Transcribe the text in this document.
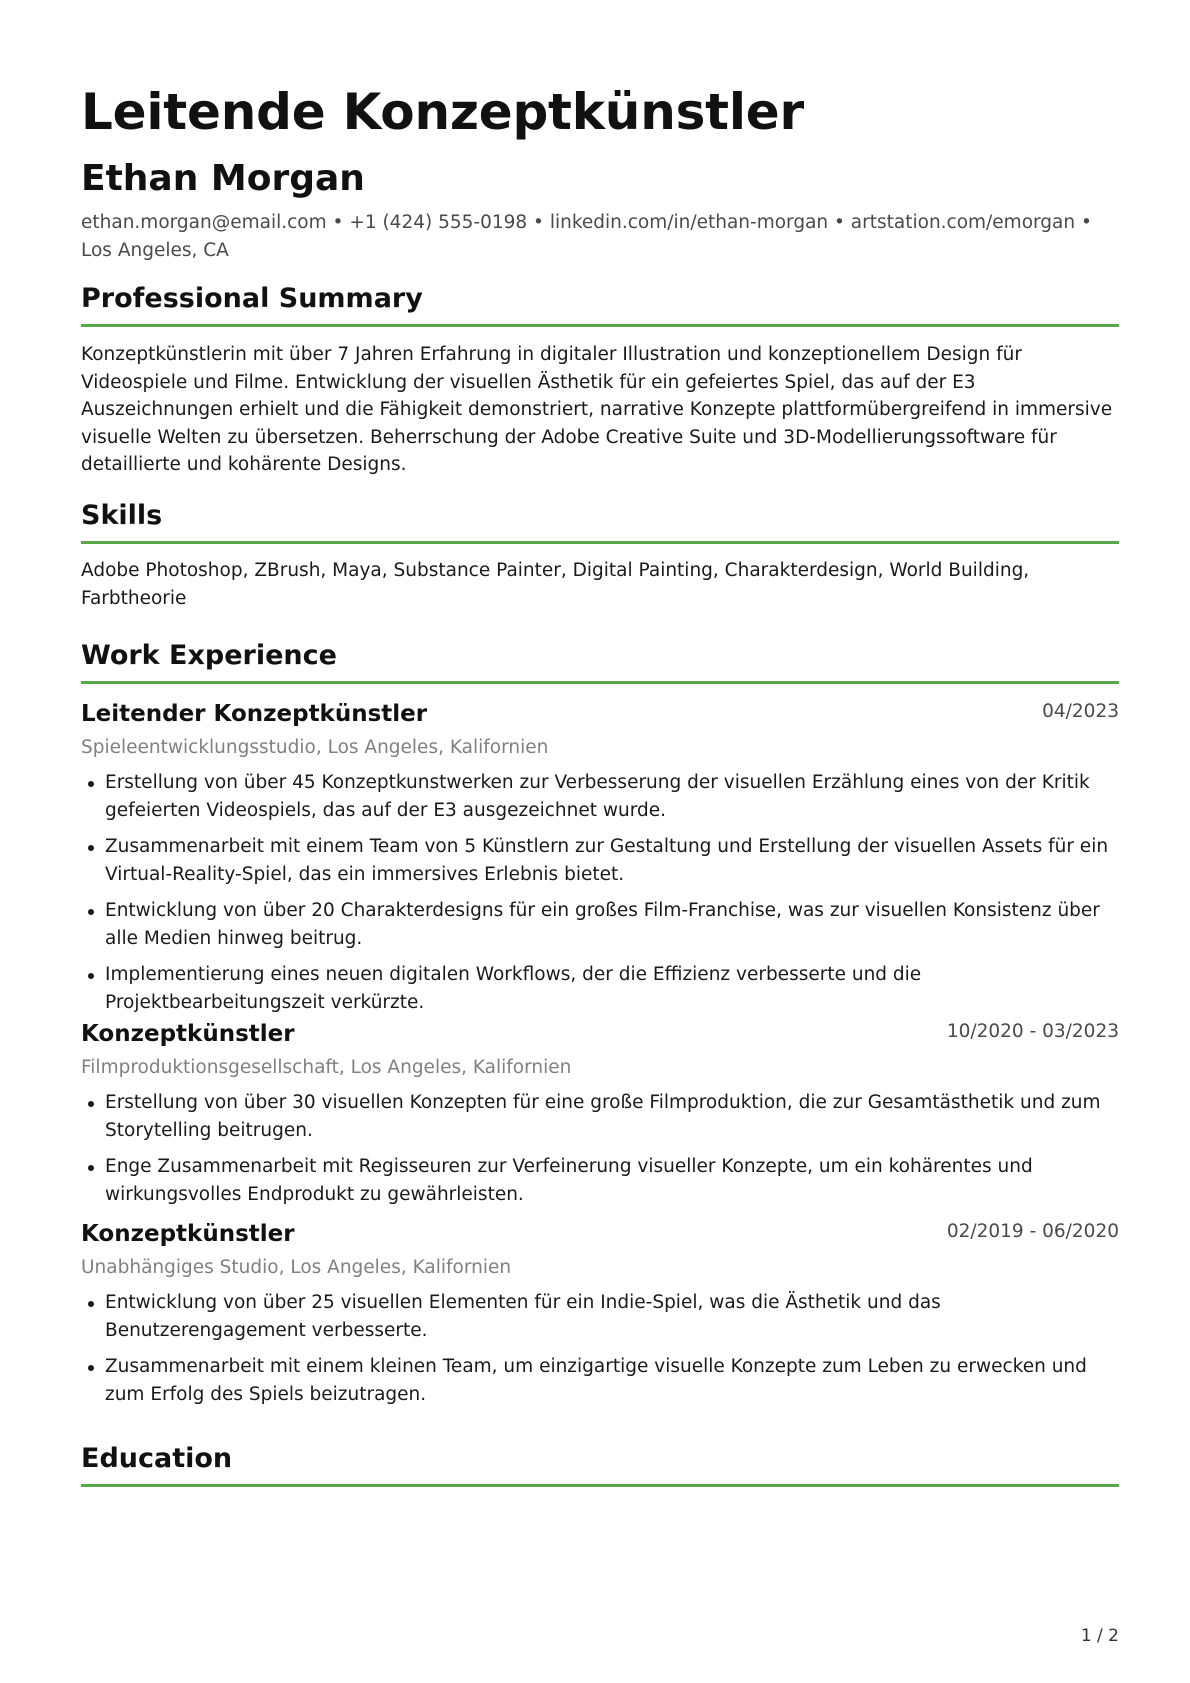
Leitende Konzeptkünstler
Ethan Morgan
ethan.morgan@email.com • +1 (424) 555-0198 • linkedin.com/in/ethan-morgan • artstation.com/emorgan • Los Angeles, CA
Professional Summary

Konzeptkünstlerin mit über 7 Jahren Erfahrung in digitaler Illustration und konzeptionellem Design für Videospiele und Filme. Entwicklung der visuellen Ästhetik für ein gefeiertes Spiel, das auf der E3 Auszeichnungen erhielt und die Fähigkeit demonstriert, narrative Konzepte plattformübergreifend in immersive visuelle Welten zu übersetzen. Beherrschung der Adobe Creative Suite und 3D-Modellierungssoftware für detaillierte und kohärente Designs.

Skills

Adobe Photoshop, ZBrush, Maya, Substance Painter, Digital Painting, Charakterdesign, World Building, Farbtheorie

Work Experience
Leitender Konzeptkünstler	04/2023
Spieleentwicklungsstudio, Los Angeles, Kalifornien
Erstellung von über 45 Konzeptkunstwerken zur Verbesserung der visuellen Erzählung eines von der Kritik gefeierten Videospiels, das auf der E3 ausgezeichnet wurde.
Zusammenarbeit mit einem Team von 5 Künstlern zur Gestaltung und Erstellung der visuellen Assets für ein Virtual-Reality-Spiel, das ein immersives Erlebnis bietet.
Entwicklung von über 20 Charakterdesigns für ein großes Film-Franchise, was zur visuellen Konsistenz über alle Medien hinweg beitrug.
Implementierung eines neuen digitalen Workflows, der die Effizienz verbesserte und die Projektbearbeitungszeit verkürzte.
Konzeptkünstler	10/2020 - 03/2023
Filmproduktionsgesellschaft, Los Angeles, Kalifornien
Erstellung von über 30 visuellen Konzepten für eine große Filmproduktion, die zur Gesamtästhetik und zum Storytelling beitrugen.
Enge Zusammenarbeit mit Regisseuren zur Verfeinerung visueller Konzepte, um ein kohärentes und wirkungsvolles Endprodukt zu gewährleisten.
Konzeptkünstler	02/2019 - 06/2020
Unabhängiges Studio, Los Angeles, Kalifornien
Entwicklung von über 25 visuellen Elementen für ein Indie-Spiel, was die Ästhetik und das Benutzerengagement verbesserte.
Zusammenarbeit mit einem kleinen Team, um einzigartige visuelle Konzepte zum Leben zu erwecken und zum Erfolg des Spiels beizutragen.
Education
1 / 2
